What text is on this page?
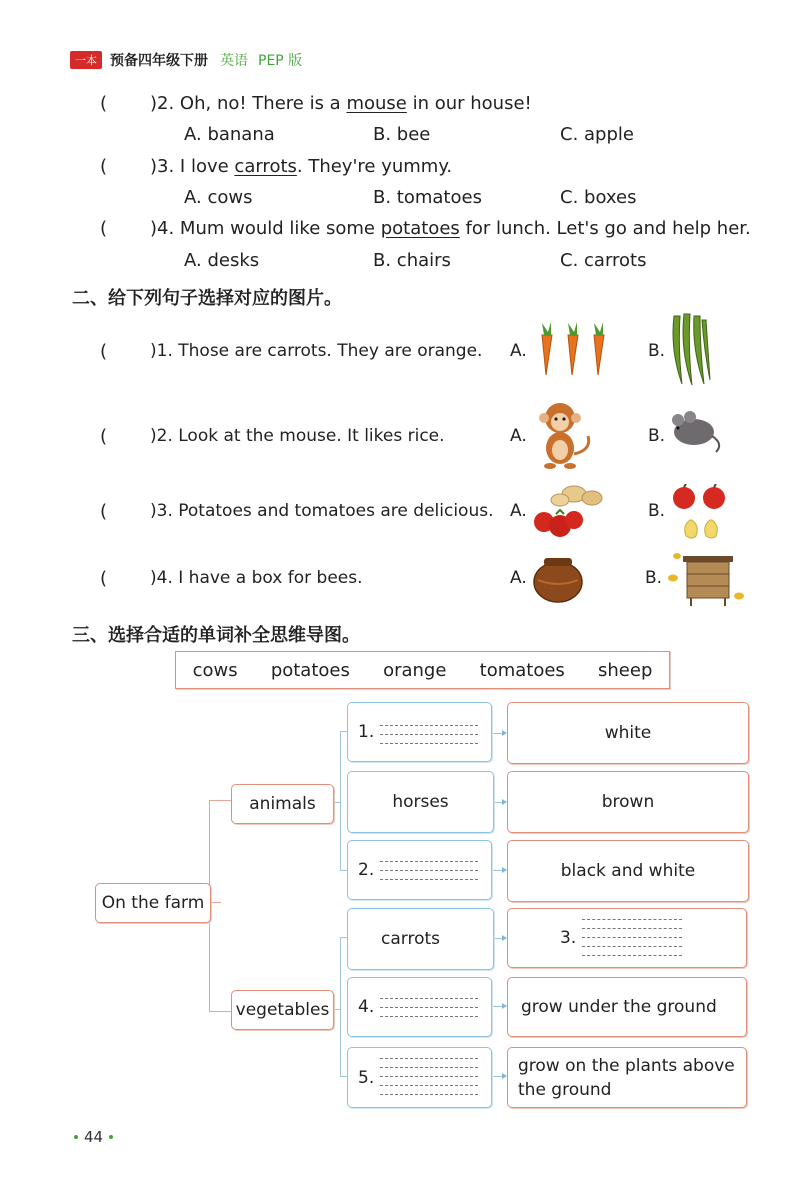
一本 预备四年级下册 英语 PEP 版
( )2. Oh, no! There is a mouse in our house!
A. banana	B. bee	C. apple
( )3. I love carrots. They're yummy.
A. cows	B. tomatoes	C. boxes
( )4. Mum would like some potatoes for lunch. Let's go and help her.
A. desks	B. chairs	C. carrots
二、给下列句子选择对应的图片。
(	)1. Those are carrots. They are orange. A.	B.
(	)2. Look at the mouse. It likes rice.	A.	B.
(	)3. Potatoes and tomatoes are delicious. A.	B.
(	)4. I have a box for bees.	A.	B.
三、选择合适的单词补全思维导图。
cows potatoes orange tomatoes sheep
On the farm
animals
vegetables
1.
horses
2.
carrots
4.
5.
white
brown
black and white
3.
grow under the ground
grow on the plants above the ground
44
